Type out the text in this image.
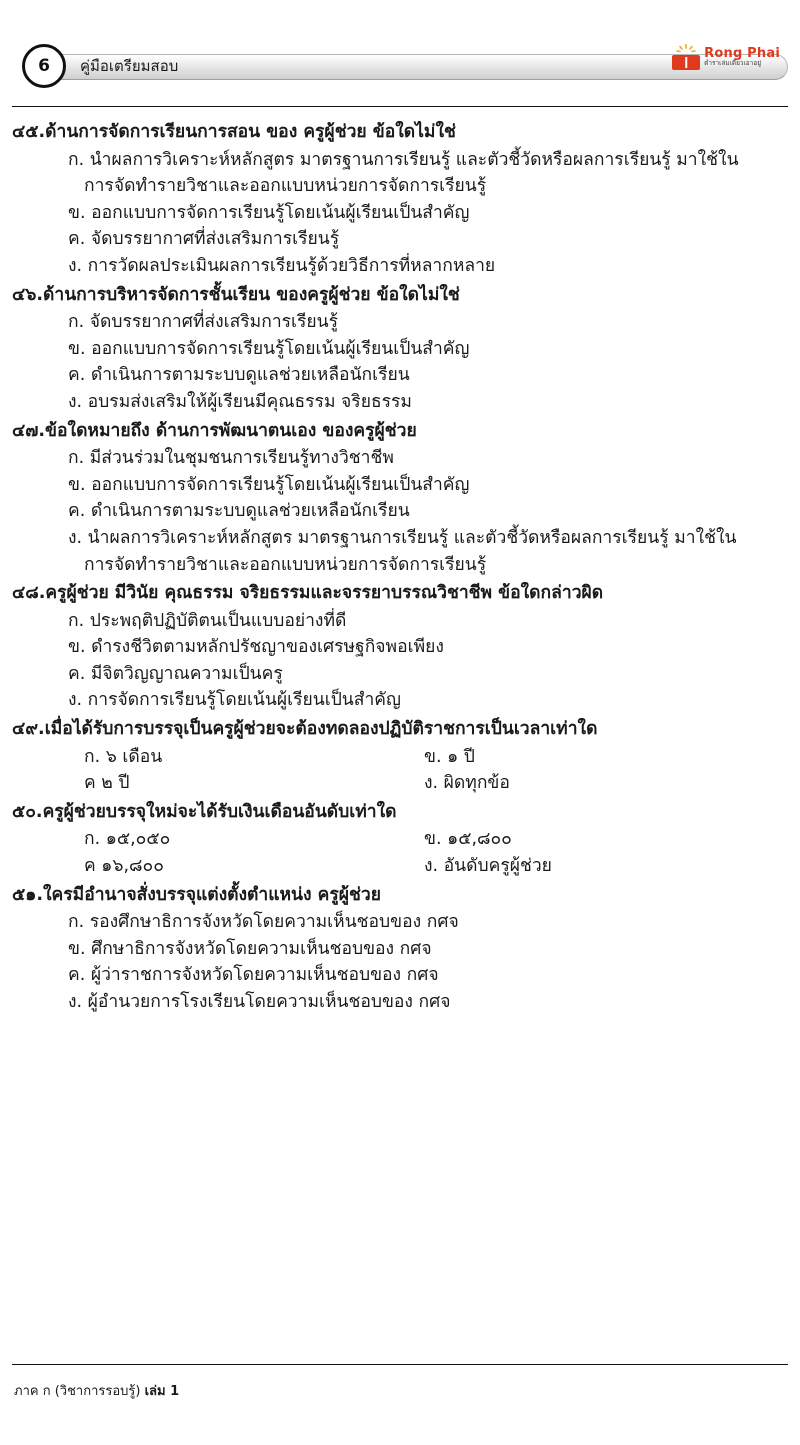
6	คู่มือเตรียมสอบ
Rong Phai
ตำราเล่มเดียวเอาอยู่
๔๕.ด้านการจัดการเรียนการสอน ของ ครูผู้ช่วย ข้อใดไม่ใช่
ก. นำผลการวิเคราะห์หลักสูตร มาตรฐานการเรียนรู้ และตัวชี้วัดหรือผลการเรียนรู้ มาใช้ใน
การจัดทำรายวิชาและออกแบบหน่วยการจัดการเรียนรู้
ข. ออกแบบการจัดการเรียนรู้โดยเน้นผู้เรียนเป็นสำคัญ
ค. จัดบรรยากาศที่ส่งเสริมการเรียนรู้
ง. การวัดผลประเมินผลการเรียนรู้ด้วยวิธีการที่หลากหลาย
๔๖.ด้านการบริหารจัดการชั้นเรียน ของครูผู้ช่วย ข้อใดไม่ใช่
ก. จัดบรรยากาศที่ส่งเสริมการเรียนรู้
ข. ออกแบบการจัดการเรียนรู้โดยเน้นผู้เรียนเป็นสำคัญ
ค. ดำเนินการตามระบบดูแลช่วยเหลือนักเรียน
ง. อบรมส่งเสริมให้ผู้เรียนมีคุณธรรม จริยธรรม
๔๗.ข้อใดหมายถึง ด้านการพัฒนาตนเอง ของครูผู้ช่วย
ก. มีส่วนร่วมในชุมชนการเรียนรู้ทางวิชาชีพ
ข. ออกแบบการจัดการเรียนรู้โดยเน้นผู้เรียนเป็นสำคัญ
ค. ดำเนินการตามระบบดูแลช่วยเหลือนักเรียน
ง. นำผลการวิเคราะห์หลักสูตร มาตรฐานการเรียนรู้ และตัวชี้วัดหรือผลการเรียนรู้ มาใช้ใน
การจัดทำรายวิชาและออกแบบหน่วยการจัดการเรียนรู้
๔๘.ครูผู้ช่วย มีวินัย คุณธรรม จริยธรรมและจรรยาบรรณวิชาชีพ ข้อใดกล่าวผิด
ก. ประพฤติปฏิบัติตนเป็นแบบอย่างที่ดี
ข. ดำรงชีวิตตามหลักปรัชญาของเศรษฐกิจพอเพียง
ค. มีจิตวิญญาณความเป็นครู
ง. การจัดการเรียนรู้โดยเน้นผู้เรียนเป็นสำคัญ
๔๙.เมื่อได้รับการบรรจุเป็นครูผู้ช่วยจะต้องทดลองปฏิบัติราชการเป็นเวลาเท่าใด
ก. ๖ เดือน	ข. ๑ ปี
ค ๒ ปี	ง. ผิดทุกข้อ
๕๐.ครูผู้ช่วยบรรจุใหม่จะได้รับเงินเดือนอันดับเท่าใด
ก. ๑๕,๐๕๐	ข. ๑๕,๘๐๐
ค ๑๖,๘๐๐	ง. อันดับครูผู้ช่วย
๕๑.ใครมีอำนาจสั่งบรรจุแต่งตั้งตำแหน่ง ครูผู้ช่วย
ก. รองศึกษาธิการจังหวัดโดยความเห็นชอบของ กศจ
ข. ศึกษาธิการจังหวัดโดยความเห็นชอบของ กศจ
ค. ผู้ว่าราชการจังหวัดโดยความเห็นชอบของ กศจ
ง. ผู้อำนวยการโรงเรียนโดยความเห็นชอบของ กศจ
ภาค ก (วิชาการรอบรู้) เล่ม 1
